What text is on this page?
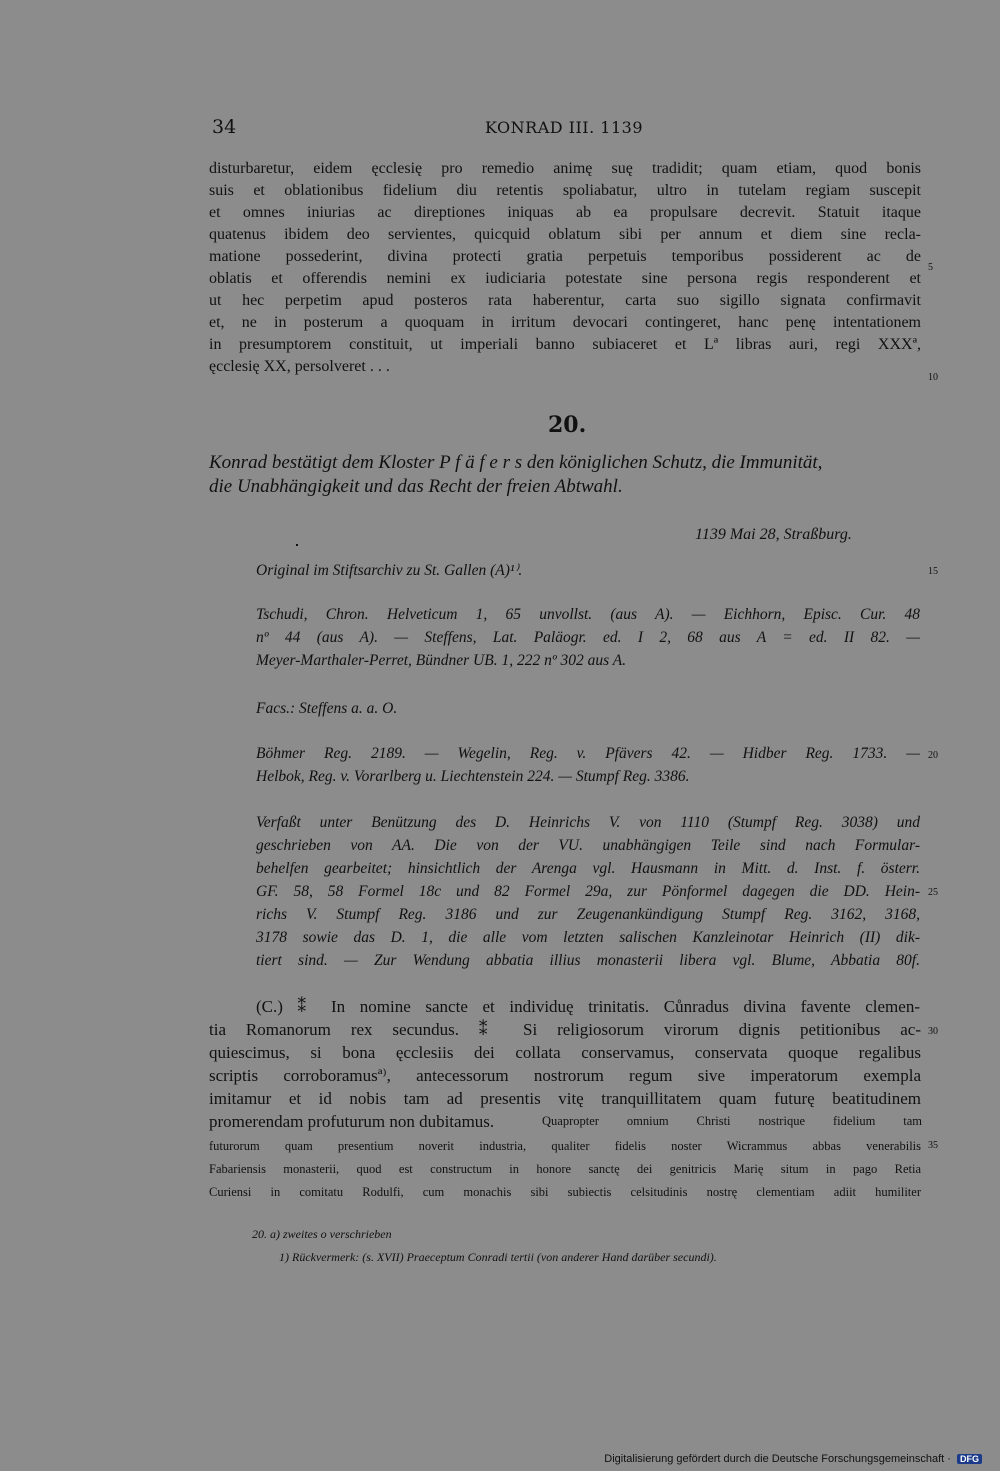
34	KONRAD III. 1139
disturbaretur, eidem ęcclesię pro remedio animę suę tradidit; quam etiam, quod bonis
suis et oblationibus fidelium diu retentis spoliabatur, ultro in tutelam regiam suscepit
et omnes iniurias ac direptiones iniquas ab ea propulsare decrevit. Statuit itaque
quatenus ibidem deo servientes, quicquid oblatum sibi per annum et diem sine recla-
matione possederint, divina protecti gratia perpetuis temporibus possiderent ac de
oblatis et offerendis nemini ex iudiciaria potestate sine persona regis responderent et
ut hec perpetim apud posteros rata haberentur, carta suo sigillo signata confirmavit
et, ne in posterum a quoquam in irritum devocari contingeret, hanc penę intentationem
in presumptorem constituit, ut imperiali banno subiaceret et Lª libras auri, regi XXXª,
ęcclesię XX, persolveret . . .
5
10
20.
Konrad bestätigt dem Kloster P f ä f e r s den königlichen Schutz, die Immunität,
die Unabhängigkeit und das Recht der freien Abtwahl.
1139 Mai 28, Straßburg.
Original im Stiftsarchiv zu St. Gallen (A)¹⁾.	15
Tschudi, Chron. Helveticum 1, 65 unvollst. (aus A). — Eichhorn, Episc. Cur. 48
nº 44 (aus A). — Steffens, Lat. Paläogr. ed. I 2, 68 aus A = ed. II 82. —
Meyer-Marthaler-Perret, Bündner UB. 1, 222 nº 302 aus A.
Facs.: Steffens a. a. O.
Böhmer Reg. 2189. — Wegelin, Reg. v. Pfävers 42. — Hidber Reg. 1733. —
Helbok, Reg. v. Vorarlberg u. Liechtenstein 224. — Stumpf Reg. 3386.
20
Verfaßt unter Benützung des D. Heinrichs V. von 1110 (Stumpf Reg. 3038) und
geschrieben von AA. Die von der VU. unabhängigen Teile sind nach Formular-
behelfen gearbeitet; hinsichtlich der Arenga vgl. Hausmann in Mitt. d. Inst. f. österr.
GF. 58, 58 Formel 18c und 82 Formel 29a, zur Pönformel dagegen die DD. Hein-
richs V. Stumpf Reg. 3186 und zur Zeugenankündigung Stumpf Reg. 3162, 3168,
3178 sowie das D. 1, die alle vom letzten salischen Kanzleinotar Heinrich (II) dik-
tiert sind. — Zur Wendung abbatia illius monasterii libera vgl. Blume, Abbatia 80f.
25
(C.) ⁑ In nomine sancte et individuę trinitatis. Cůnradus divina favente clemen-
tia Romanorum rex secundus. ⁑ Si religiosorum virorum dignis petitionibus ac-
quiescimus, si bona ęcclesiis dei collata conservamus, conservata quoque regalibus
scriptis corroboramusª⁾, antecessorum nostrorum regum sive imperatorum exempla
imitamur et id nobis tam ad presentis vitę tranquillitatem quam futurę beatitudinem
promerendam profuturum non dubitamus.	Quapropter omnium Christi nostrique fidelium tam
30
futurorum quam presentium noverit industria, qualiter fidelis noster Wicrammus abbas venerabilis
Fabariensis monasterii, quod est constructum in honore sanctę dei genitricis Marię situm in pago Retia
Curiensi in comitatu Rodulfi, cum monachis sibi subiectis celsitudinis nostrę clementiam adiit humiliter
35
20. a) zweites o verschrieben
1) Rückvermerk: (s. XVII) Praeceptum Conradi tertii (von anderer Hand darüber secundi).
Digitalisierung gefördert durch die Deutsche Forschungsgemeinschaft · DFG
